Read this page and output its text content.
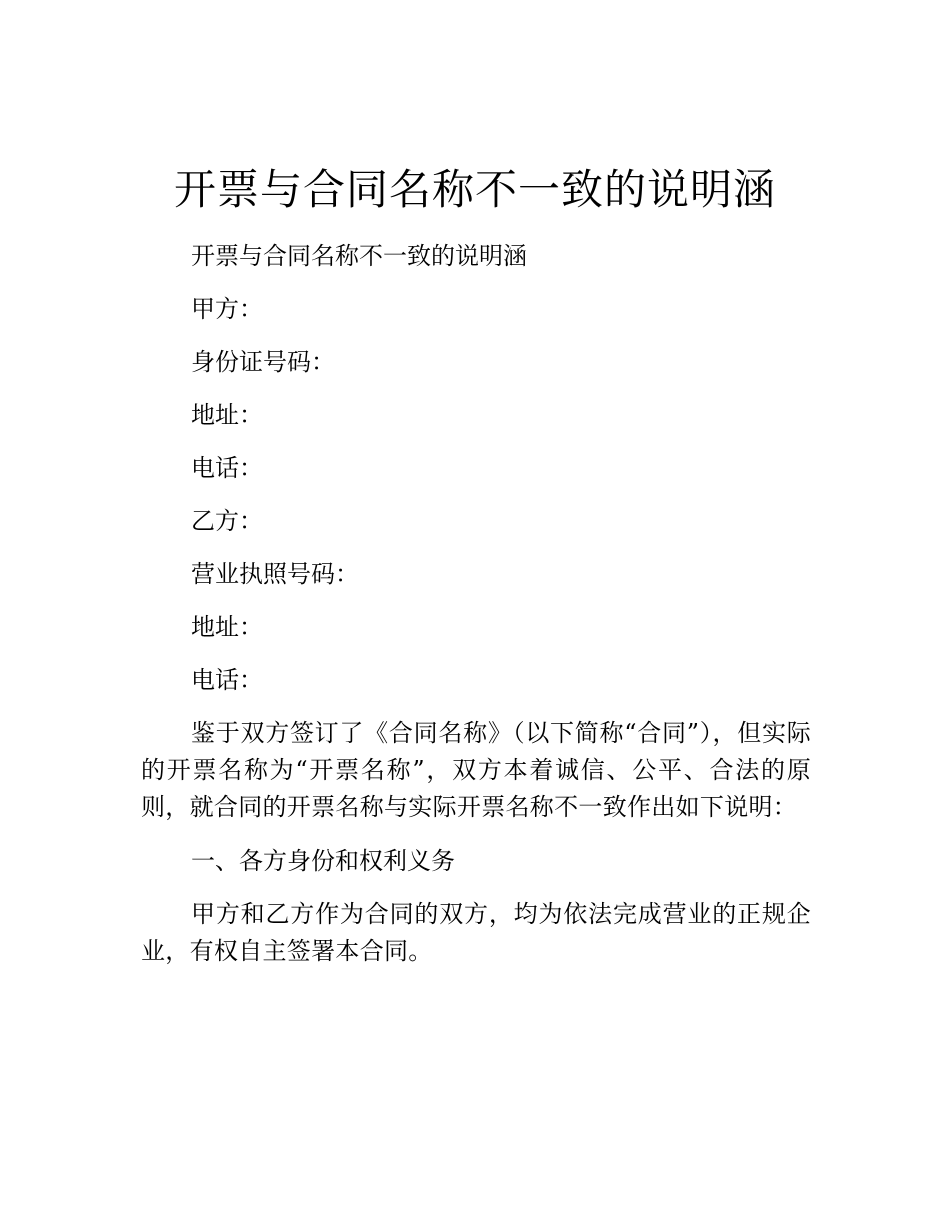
开票与合同名称不一致的说明涵

开票与合同名称不一致的说明涵

甲方：

身份证号码：

地址：

电话：

乙方：

营业执照号码：

地址：

电话：

鉴于双方签订了《合同名称》（以下简称“合同”），但实际的开票名称为“开票名称”，双方本着诚信、公平、合法的原则，就合同的开票名称与实际开票名称不一致作出如下说明：

一、各方身份和权利义务

甲方和乙方作为合同的双方，均为依法完成营业的正规企业，有权自主签署本合同。
